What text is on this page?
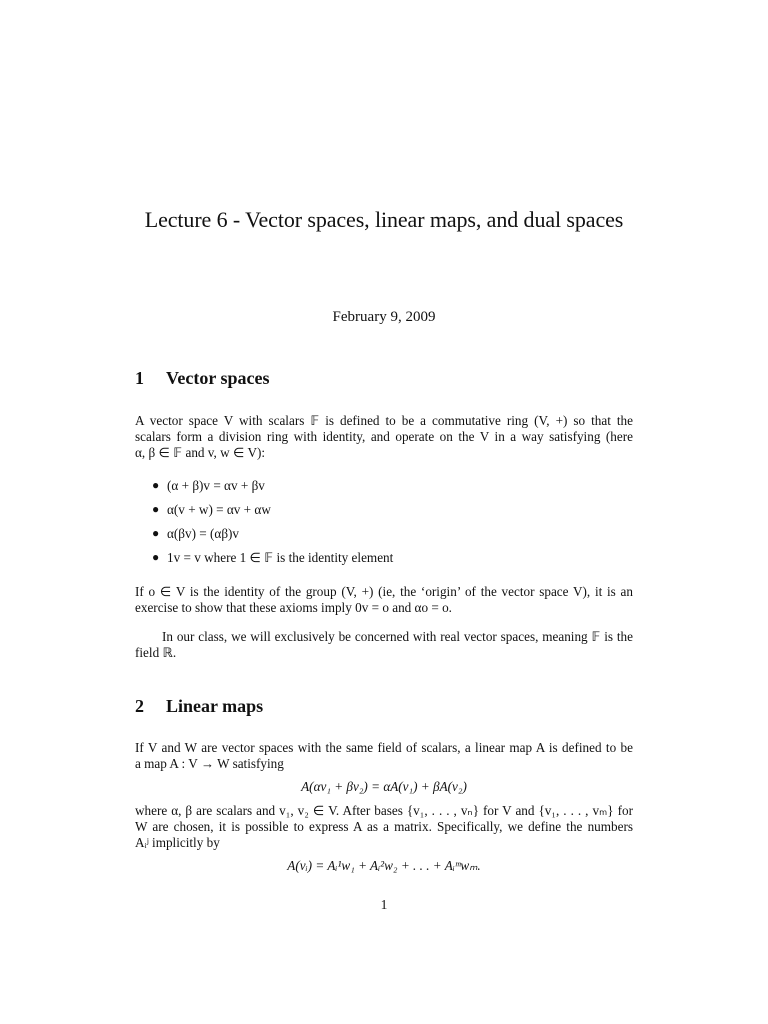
Lecture 6 - Vector spaces, linear maps, and dual spaces
February 9, 2009
1 Vector spaces

A vector space V with scalars 𝔽 is defined to be a commutative ring (V, +) so that the

scalars form a division ring with identity, and operate on the V in a way satisfying (here

α, β ∈ 𝔽 and v, w ∈ V):

● (α + β)v = αv + βv
● α(v + w) = αv + αw
● α(βv) = (αβ)v
● 1v = v where 1 ∈ 𝔽 is the identity element

If o ∈ V is the identity of the group (V, +) (ie, the ‘origin’ of the vector space V), it is an

exercise to show that these axioms imply 0v = o and αo = o.

In our class, we will exclusively be concerned with real vector spaces, meaning 𝔽 is the

field ℝ.

2 Linear maps

If V and W are vector spaces with the same field of scalars, a linear map A is defined to be

a map A : V → W satisfying

A(αv₁ + βv₂) = αA(v₁) + βA(v₂)

where α, β are scalars and v₁, v₂ ∈ V. After bases {v₁, . . . , vₙ} for V and {v₁, . . . , vₘ} for

W are chosen, it is possible to express A as a matrix. Specifically, we define the numbers

Aᵢʲ implicitly by

A(vᵢ) = Aᵢ¹w₁ + Aᵢ²w₂ + . . . + Aᵢᵐwₘ.
1
